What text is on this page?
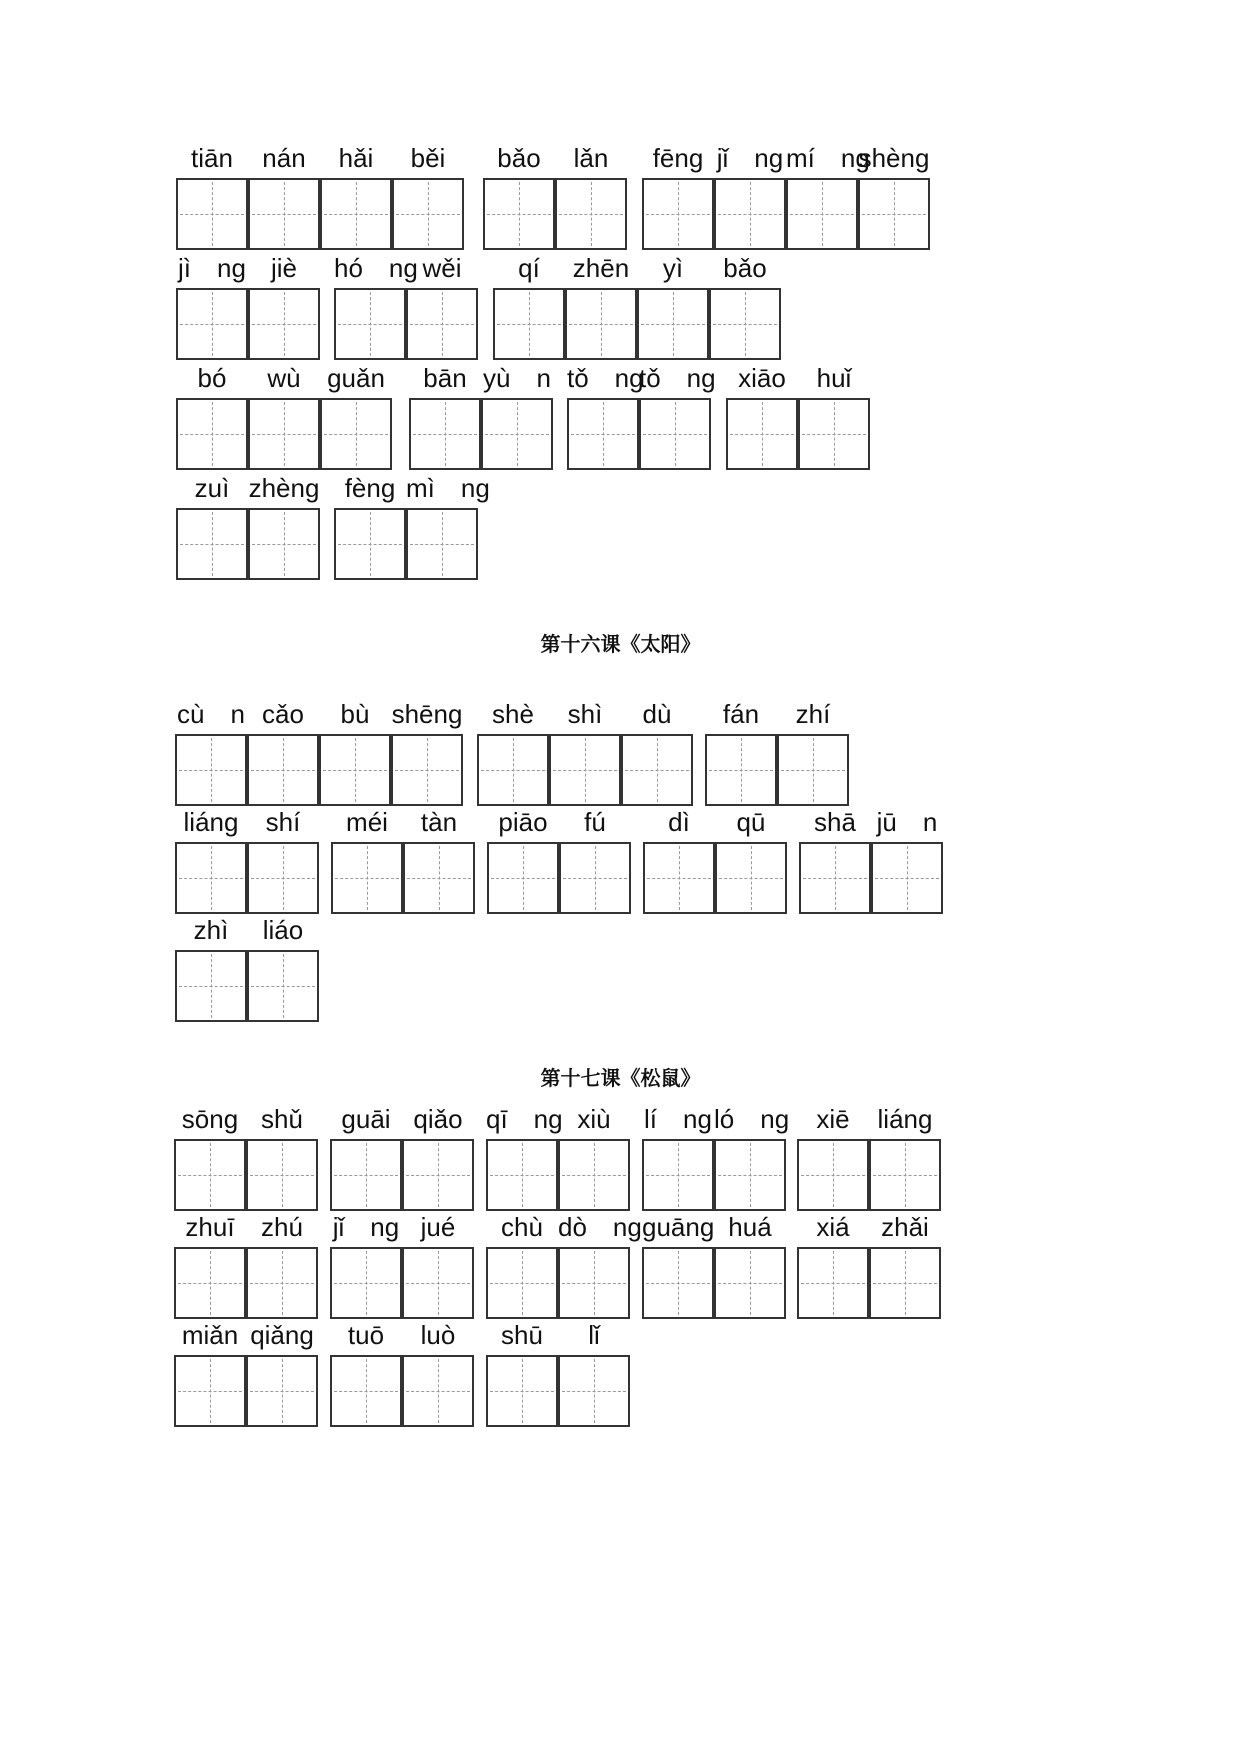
tiān	nán	hǎi	běi	bǎo	lǎn	fēng jǐ　ng mí　ng
shèng
jì　ng jiè	hó　ng wěi	qí	zhēn	yì	bǎo
bó	wù	guǎn	bān yù　n tǒ　ng
tǒ　ng xiāo	huǐ
zuì zhèng fèng mì　ng
第十六课《太阳》
cù　n cǎo	bù shēng	shè	shì	dù	fán	zhí
liáng	shí	méi	tàn	piāo	fú	dì	qū	shā jū　n
zhì	liáo
第十七课《松鼠》
sōng shǔ	guāi qiǎo qī　ng xiù	lí　ng ló　ng	xiē	liáng
zhuī	zhú	jǐ　ng jué	chù dò　ng guāng huá	xiá	zhǎi
miǎn qiǎng	tuō	luò	shū	lǐ
